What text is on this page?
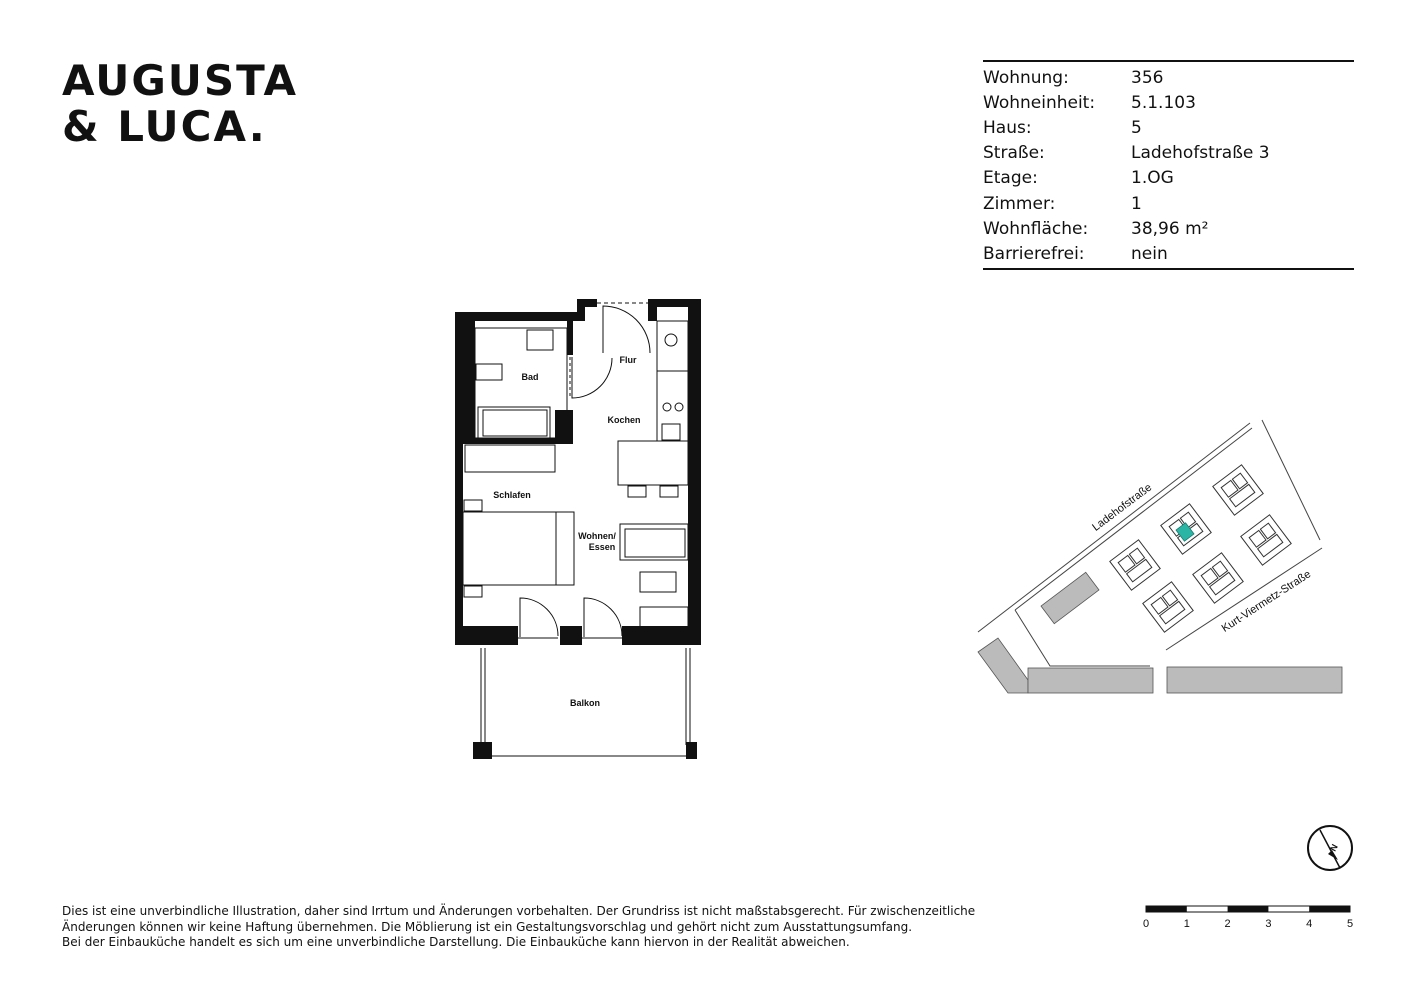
AUGUSTA
& LUCA.
Wohnung:	356
Wohneinheit:	5.1.103
Haus:	5
Straße:	Ladehofstraße 3
Etage:	1.OG
Zimmer:	1
Wohnfläche:	38,96 m²
Barrierefrei:	nein
Bad
Flur
Kochen
Schlafen
Wohnen/
Essen
Balkon
Ladehofstraße
Kurt-Viermetz-Straße
N
0	1	2	3	4	5
Dies ist eine unverbindliche Illustration, daher sind Irrtum und Änderungen vorbehalten. Der Grundriss ist nicht maßstabsgerecht. Für zwischenzeitliche
Änderungen können wir keine Haftung übernehmen. Die Möblierung ist ein Gestaltungsvorschlag und gehört nicht zum Ausstattungsumfang.
Bei der Einbauküche handelt es sich um eine unverbindliche Darstellung. Die Einbauküche kann hiervon in der Realität abweichen.
